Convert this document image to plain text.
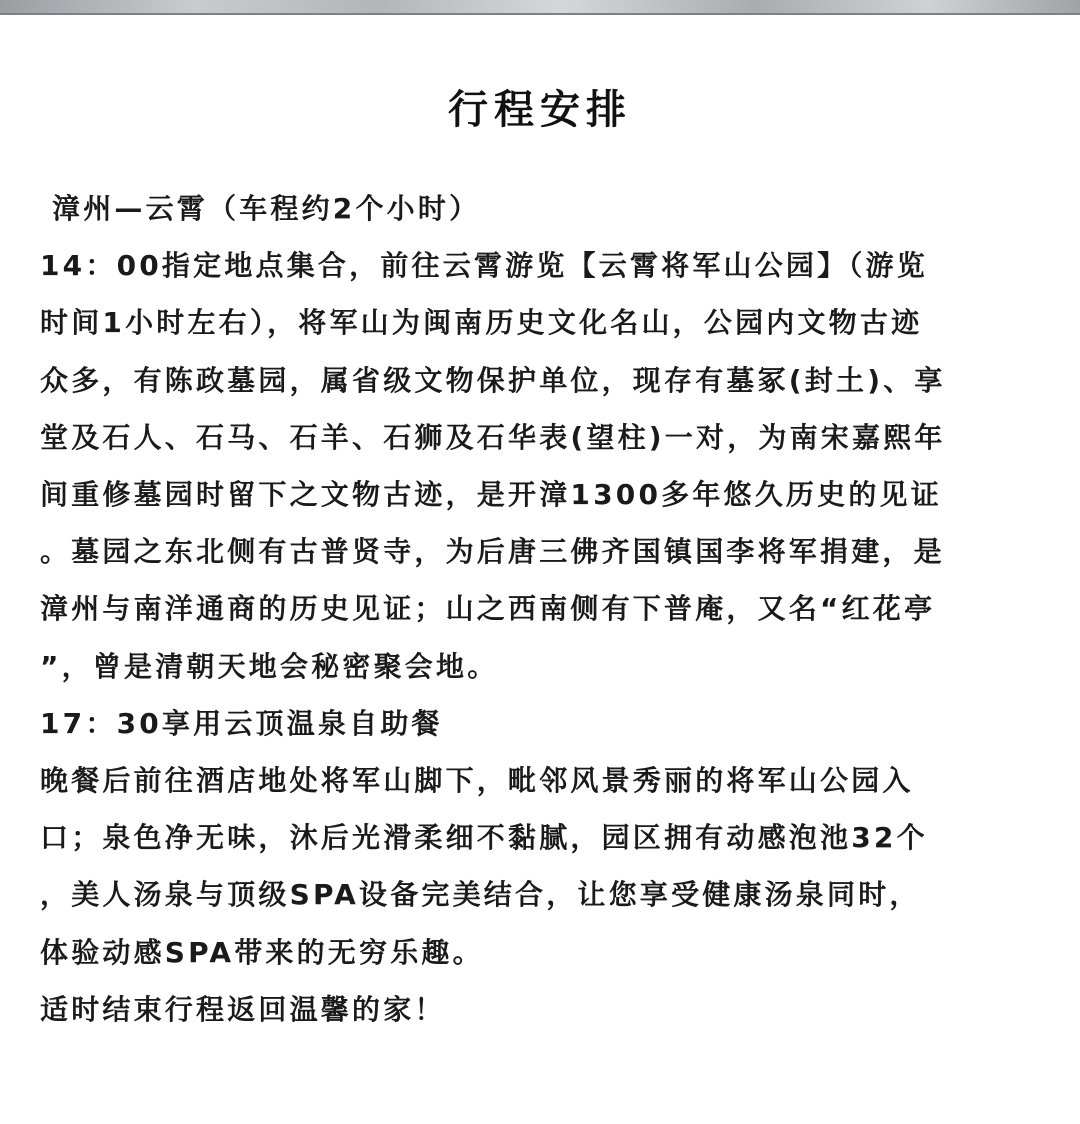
行程安排
漳州—云霄（车程约2个小时）
14：00指定地点集合，前往云霄游览【云霄将军山公园】（游览
时间1小时左右），将军山为闽南历史文化名山，公园内文物古迹
众多，有陈政墓园，属省级文物保护单位，现存有墓冢(封土)、享
堂及石人、石马、石羊、石狮及石华表(望柱)一对，为南宋嘉熙年
间重修墓园时留下之文物古迹，是开漳1300多年悠久历史的见证
。墓园之东北侧有古普贤寺，为后唐三佛齐国镇国李将军捐建，是
漳州与南洋通商的历史见证；山之西南侧有下普庵，又名“红花亭
”，曾是清朝天地会秘密聚会地。
17：30享用云顶温泉自助餐
晚餐后前往酒店地处将军山脚下，毗邻风景秀丽的将军山公园入
口；泉色净无味，沐后光滑柔细不黏腻，园区拥有动感泡池32个
，美人汤泉与顶级SPA设备完美结合，让您享受健康汤泉同时，
体验动感SPA带来的无穷乐趣。
适时结束行程返回温馨的家！
